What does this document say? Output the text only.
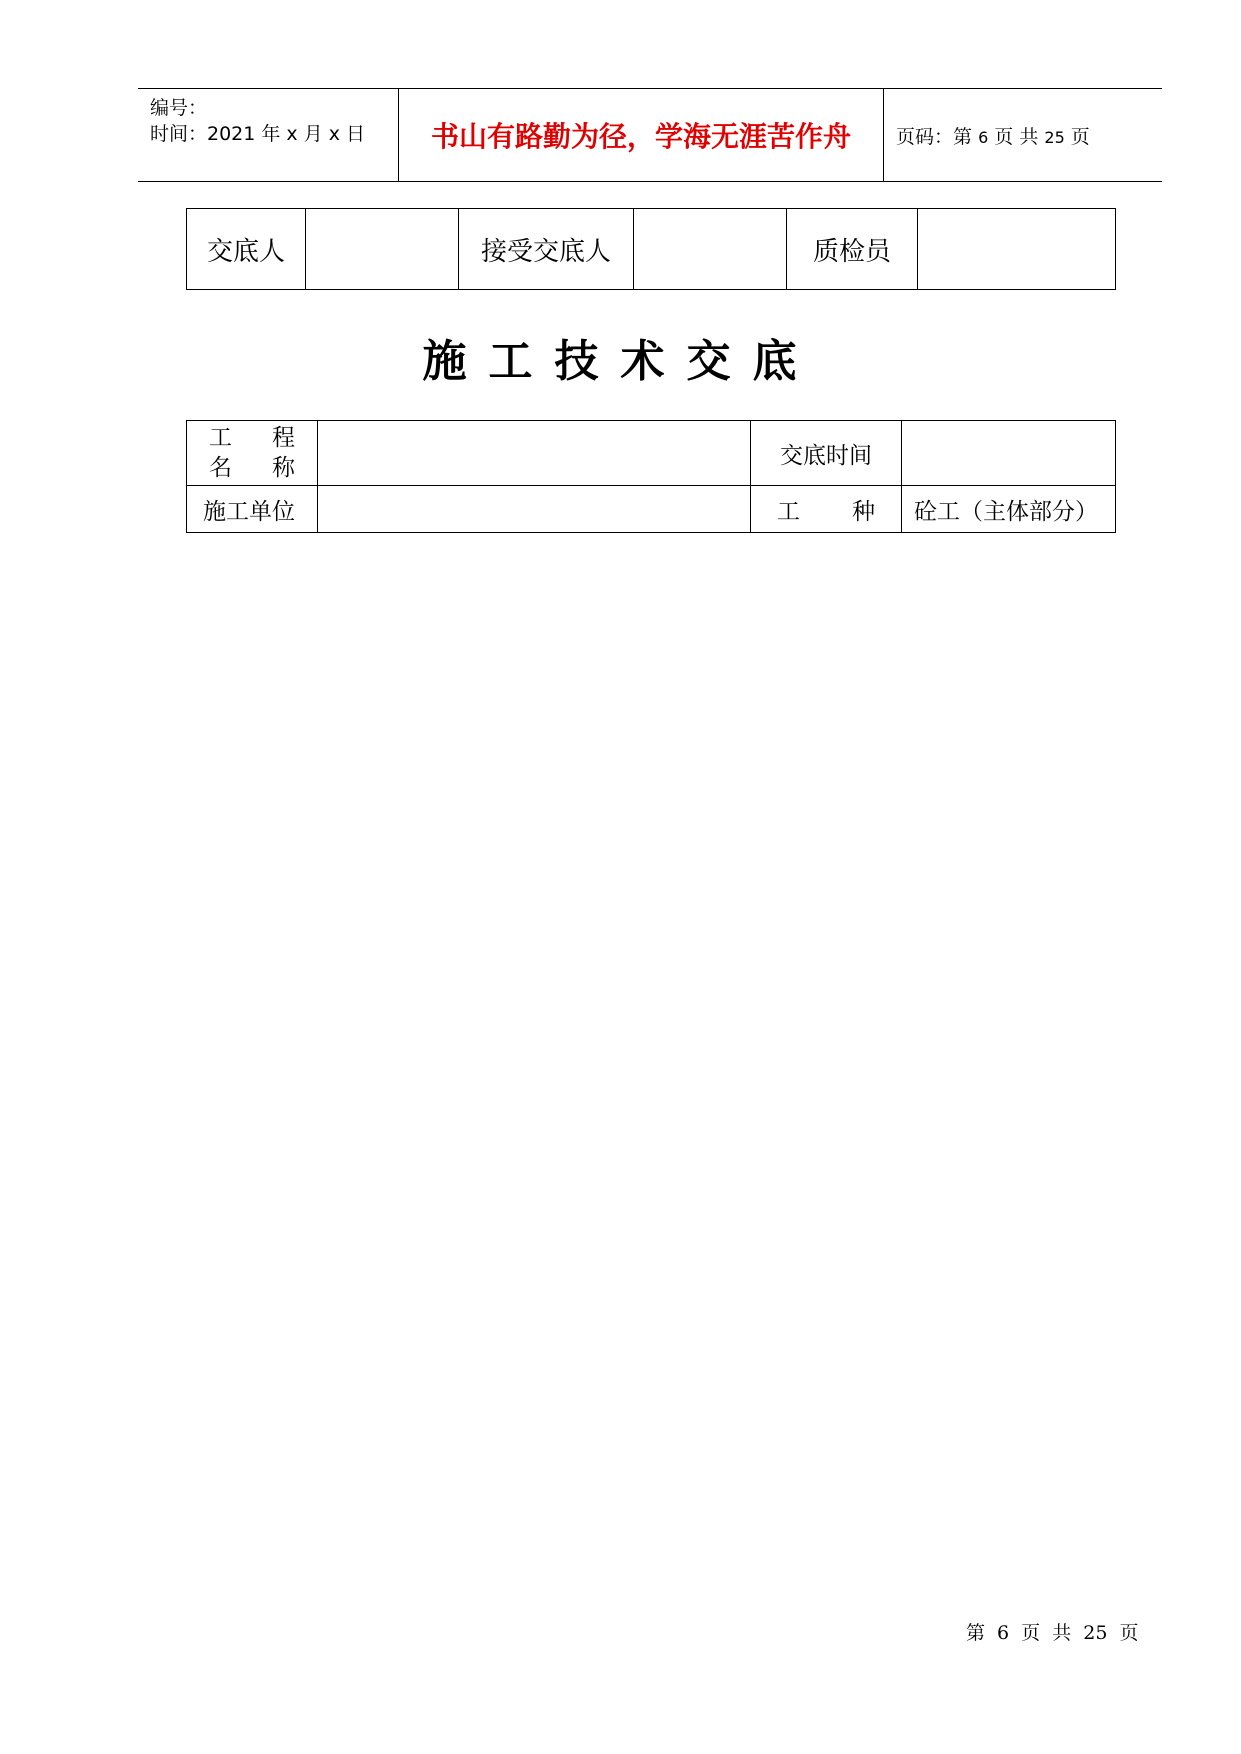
编号：
时间：2021 年 x 月 x 日 书山有路勤为径，学海无涯苦作舟	页码：第 6 页 共 25 页
交底人		接受交底人		质检员	
施工技术交底
工 程
名 称		交底时间	
施工单位		工 种	砼工（主体部分）
第 6 页 共 25 页
